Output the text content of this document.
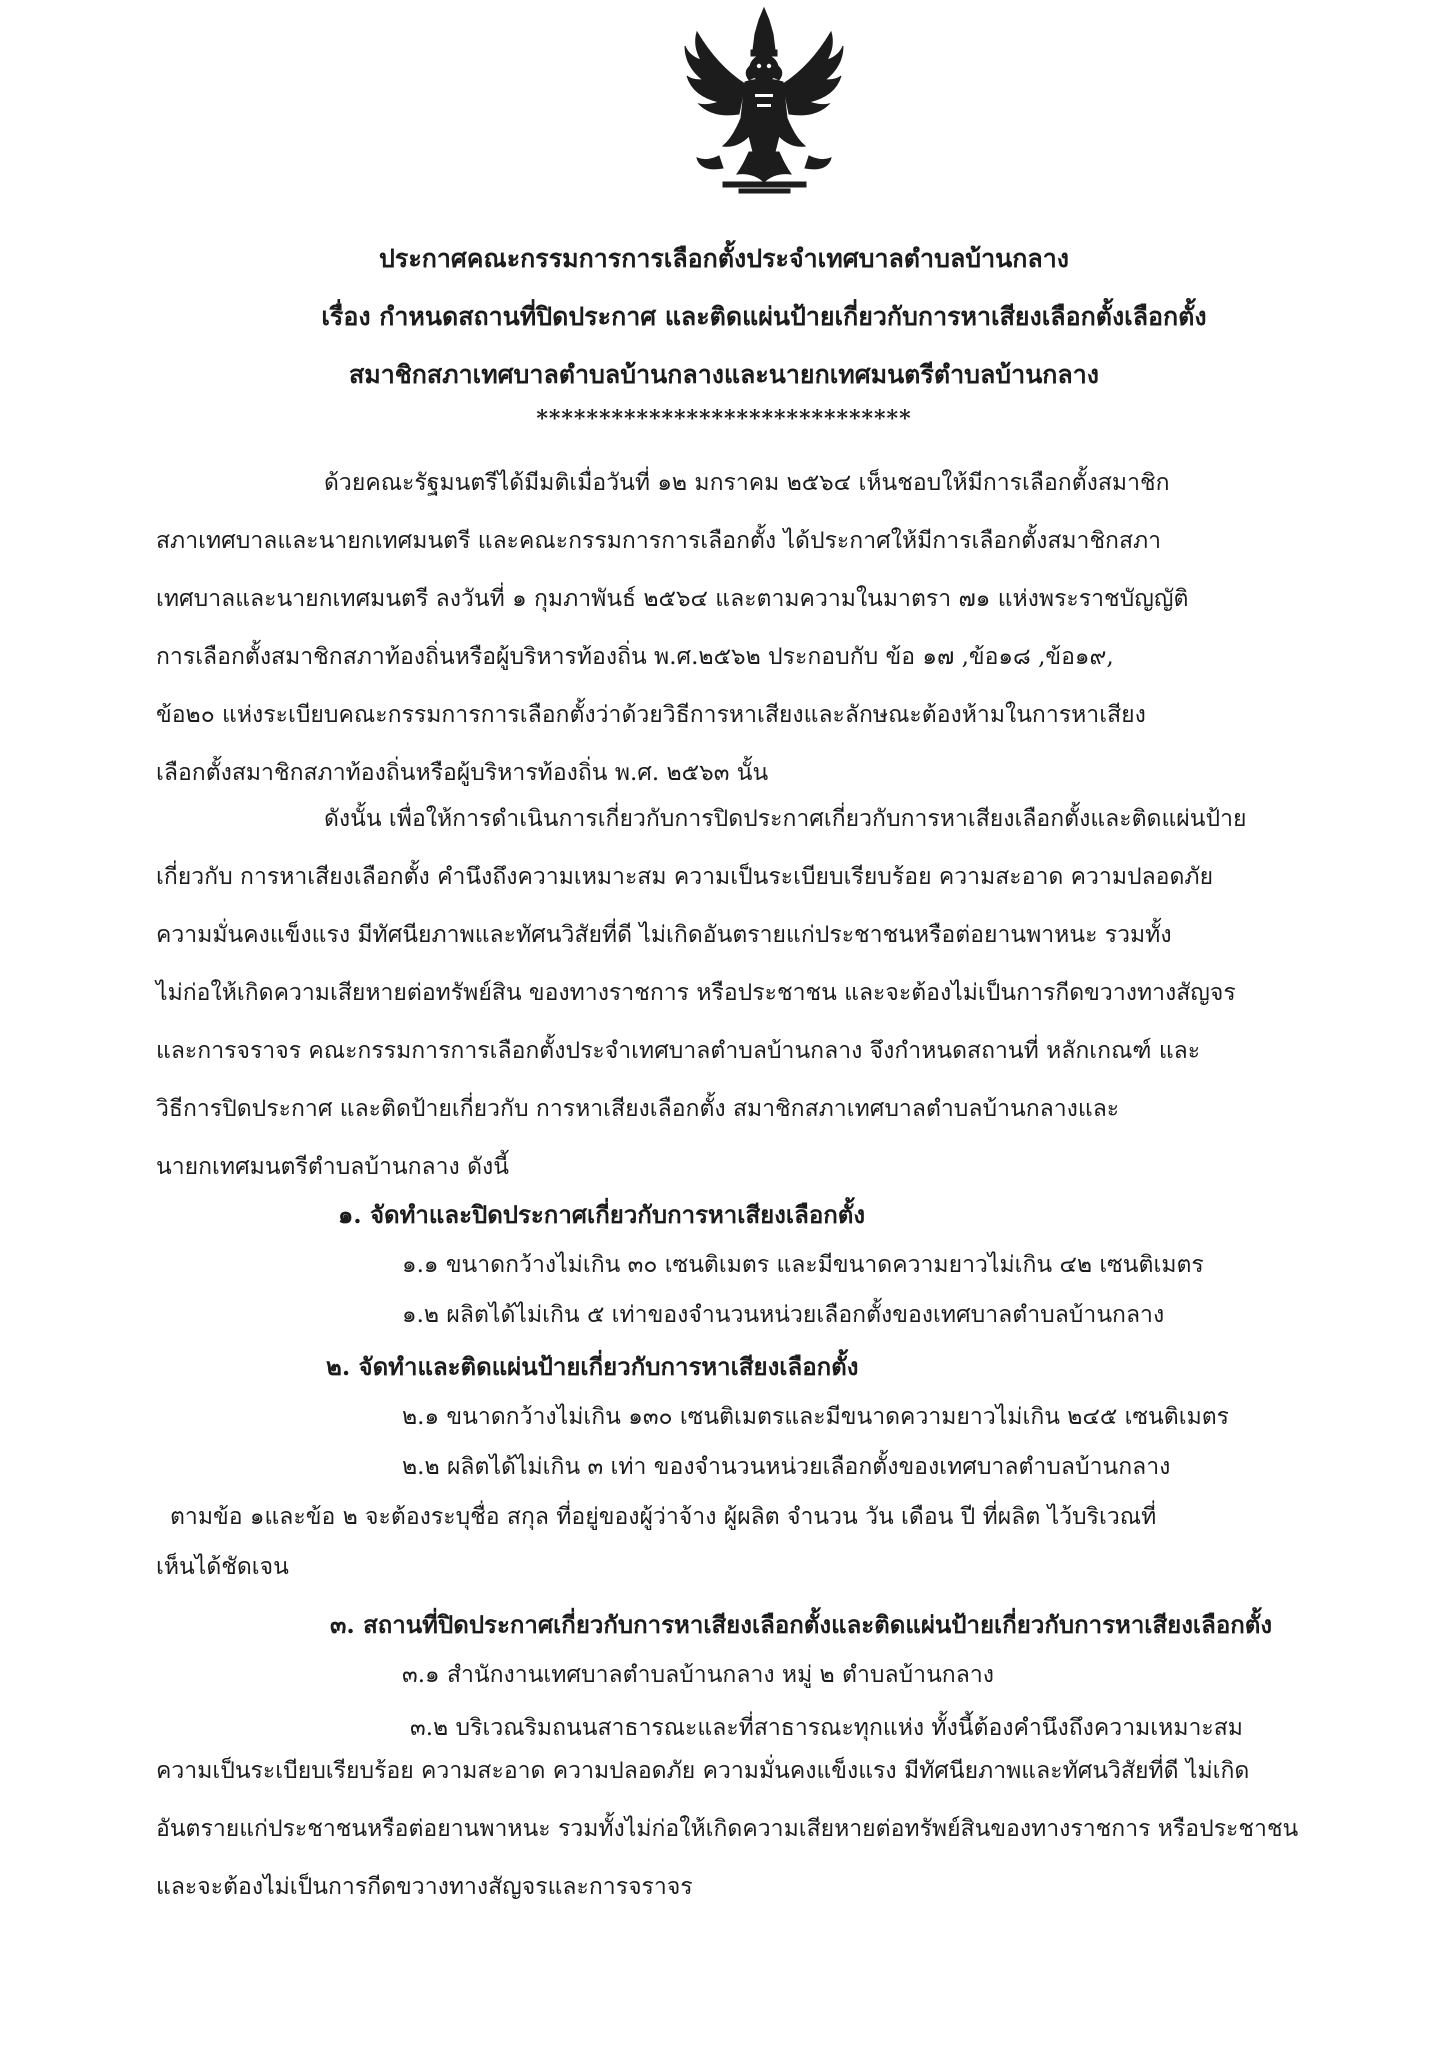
ประกาศคณะกรรมการการเลือกตั้งประจำเทศบาลตำบลบ้านกลาง
เรื่อง กำหนดสถานที่ปิดประกาศ และติดแผ่นป้ายเกี่ยวกับการหาเสียงเลือกตั้งเลือกตั้ง
สมาชิกสภาเทศบาลตำบลบ้านกลางและนายกเทศมนตรีตำบลบ้านกลาง
******************************
ด้วยคณะรัฐมนตรีได้มีมติเมื่อวันที่ ๑๒ มกราคม ๒๕๖๔ เห็นชอบให้มีการเลือกตั้งสมาชิก
สภาเทศบาลและนายกเทศมนตรี และคณะกรรมการการเลือกตั้ง ได้ประกาศให้มีการเลือกตั้งสมาชิกสภา
เทศบาลและนายกเทศมนตรี ลงวันที่ ๑ กุมภาพันธ์ ๒๕๖๔ และตามความในมาตรา ๗๑ แห่งพระราชบัญญัติ
การเลือกตั้งสมาชิกสภาท้องถิ่นหรือผู้บริหารท้องถิ่น พ.ศ.๒๕๖๒ ประกอบกับ ข้อ ๑๗ ,ข้อ๑๘ ,ข้อ๑๙,
ข้อ๒๐ แห่งระเบียบคณะกรรมการการเลือกตั้งว่าด้วยวิธีการหาเสียงและลักษณะต้องห้ามในการหาเสียง
เลือกตั้งสมาชิกสภาท้องถิ่นหรือผู้บริหารท้องถิ่น พ.ศ. ๒๕๖๓ นั้น
ดังนั้น เพื่อให้การดำเนินการเกี่ยวกับการปิดประกาศเกี่ยวกับการหาเสียงเลือกตั้งและติดแผ่นป้าย
เกี่ยวกับ การหาเสียงเลือกตั้ง คำนึงถึงความเหมาะสม ความเป็นระเบียบเรียบร้อย ความสะอาด ความปลอดภัย
ความมั่นคงแข็งแรง มีทัศนียภาพและทัศนวิสัยที่ดี ไม่เกิดอันตรายแก่ประชาชนหรือต่อยานพาหนะ รวมทั้ง
ไม่ก่อให้เกิดความเสียหายต่อทรัพย์สิน ของทางราชการ หรือประชาชน และจะต้องไม่เป็นการกีดขวางทางสัญจร
และการจราจร คณะกรรมการการเลือกตั้งประจำเทศบาลตำบลบ้านกลาง จึงกำหนดสถานที่ หลักเกณฑ์ และ
วิธีการปิดประกาศ และติดป้ายเกี่ยวกับ การหาเสียงเลือกตั้ง สมาชิกสภาเทศบาลตำบลบ้านกลางและ
นายกเทศมนตรีตำบลบ้านกลาง ดังนี้
๑. จัดทำและปิดประกาศเกี่ยวกับการหาเสียงเลือกตั้ง
๑.๑ ขนาดกว้างไม่เกิน ๓๐ เซนติเมตร และมีขนาดความยาวไม่เกิน ๔๒ เซนติเมตร
๑.๒ ผลิตได้ไม่เกิน ๕ เท่าของจำนวนหน่วยเลือกตั้งของเทศบาลตำบลบ้านกลาง
๒. จัดทำและติดแผ่นป้ายเกี่ยวกับการหาเสียงเลือกตั้ง
๒.๑ ขนาดกว้างไม่เกิน ๑๓๐ เซนติเมตรและมีขนาดความยาวไม่เกิน ๒๔๕ เซนติเมตร
๒.๒ ผลิตได้ไม่เกิน ๓ เท่า ของจำนวนหน่วยเลือกตั้งของเทศบาลตำบลบ้านกลาง
ตามข้อ ๑และข้อ ๒ จะต้องระบุชื่อ สกุล ที่อยู่ของผู้ว่าจ้าง ผู้ผลิต จำนวน วัน เดือน ปี ที่ผลิต ไว้บริเวณที่
เห็นได้ชัดเจน
๓. สถานที่ปิดประกาศเกี่ยวกับการหาเสียงเลือกตั้งและติดแผ่นป้ายเกี่ยวกับการหาเสียงเลือกตั้ง
๓.๑ สำนักงานเทศบาลตำบลบ้านกลาง หมู่ ๒ ตำบลบ้านกลาง
๓.๒ บริเวณริมถนนสาธารณะและที่สาธารณะทุกแห่ง ทั้งนี้ต้องคำนึงถึงความเหมาะสม
ความเป็นระเบียบเรียบร้อย ความสะอาด ความปลอดภัย ความมั่นคงแข็งแรง มีทัศนียภาพและทัศนวิสัยที่ดี ไม่เกิด
อันตรายแก่ประชาชนหรือต่อยานพาหนะ รวมทั้งไม่ก่อให้เกิดความเสียหายต่อทรัพย์สินของทางราชการ หรือประชาชน
และจะต้องไม่เป็นการกีดขวางทางสัญจรและการจราจร
